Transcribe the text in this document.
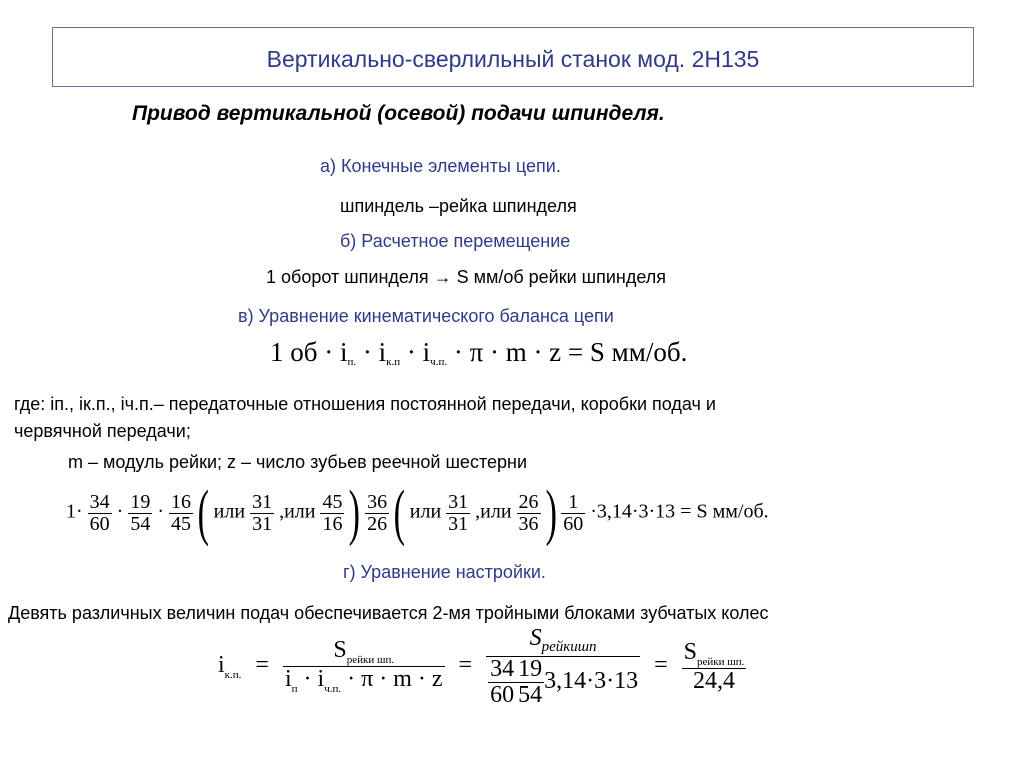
Вертикально-сверлильный станок мод. 2Н135
Привод вертикальной (осевой) подачи шпинделя.
а) Конечные элементы цепи.
шпиндель –рейка шпинделя
б) Расчетное перемещение
1 оборот шпинделя → S мм/об рейки шпинделя
в) Уравнение кинематического баланса цепи
1 об · $i_{п.} \cdot i_{к.п} \cdot i_{ч.п.} \cdot \pi \cdot m \cdot z = S$ мм/об.
где: iп., iк.п., iч.п.– передаточные отношения постоянной передачи, коробки подач и
червячной передачи;
m – модуль рейки; z – число зубьев реечной шестерни
$1\cdot \frac{34}{60} \cdot \frac{19}{54} \cdot \frac{16}{45}$ ( или $\frac{31}{31} ,или \frac{45}{16}$ ) $\frac{36}{26}$ ( или $\frac{31}{31} ,или \frac{26}{36}$ ) $\frac{1}{60} \cdot 3,14\cdot 3\cdot 13 = S$ мм/об.
г) Уравнение настройки.
Девять различных величин подач обеспечивается 2-мя тройными блоками зубчатых колес
$i_{к.п.} = \frac{S_{рейки шп.}}{i_п \cdot i_{ч.п.} \cdot \pi \cdot m \cdot z} = \frac{S_{рейкишп}}{\frac{34}{60} \frac{19}{54} 3,14\cdot 3\cdot 13} = \frac{S_{рейки шп.}}{24,4}$
